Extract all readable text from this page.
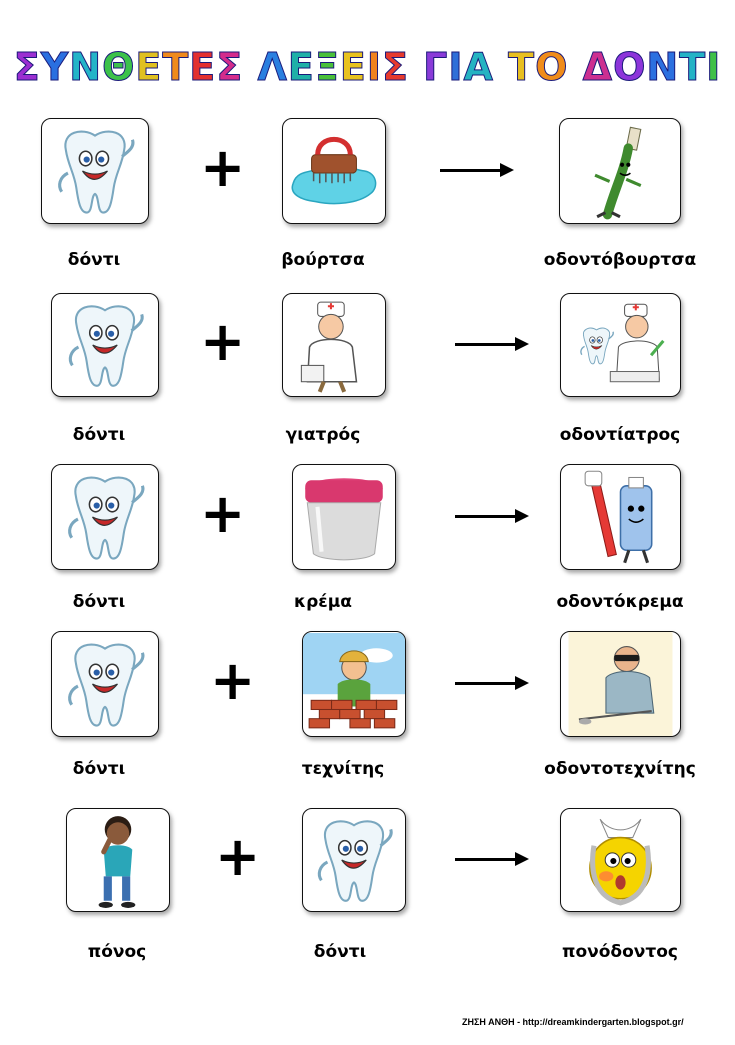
ΣΥΝΘΕΤΕΣ ΛΕΞΕΙΣ ΓΙΑ ΤΟ ΔΟΝΤΙ
+
δόντι	βούρτσα	οδοντόβουρτσα
+
δόντι	γιατρός	οδοντίατρος
+
δόντι	κρέμα	οδοντόκρεμα
+
δόντι	τεχνίτης	οδοντοτεχνίτης
+
πόνος	δόντι	πονόδοντος
ΖΗΣΗ ΑΝΘΗ - http://dreamkindergarten.blogspot.gr/
